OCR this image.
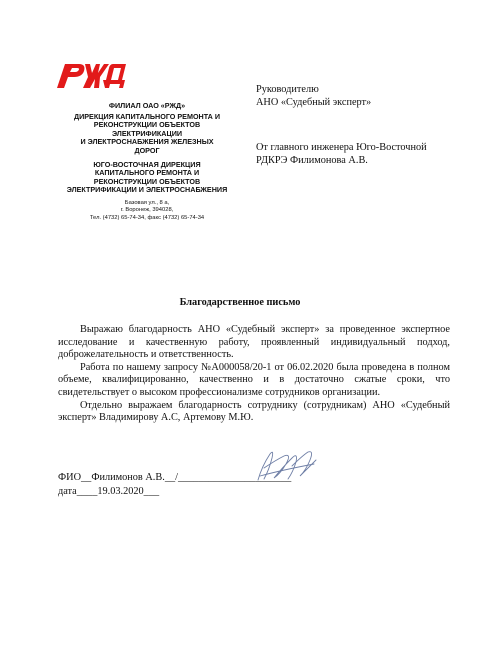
ФИЛИАЛ ОАО «РЖД»
ДИРЕКЦИЯ КАПИТАЛЬНОГО РЕМОНТА И
РЕКОНСТРУКЦИИ ОБЪЕКТОВ
ЭЛЕКТРИФИКАЦИИ
И ЭЛЕКТРОСНАБЖЕНИЯ ЖЕЛЕЗНЫХ
ДОРОГ
ЮГО-ВОСТОЧНАЯ ДИРЕКЦИЯ
КАПИТАЛЬНОГО РЕМОНТА И
РЕКОНСТРУКЦИИ ОБЪЕКТОВ
ЭЛЕКТРИФИКАЦИИ И ЭЛЕКТРОСНАБЖЕНИЯ
Базовая ул., 8 а,
г. Воронеж, 394028,
Тел. (4732) 65-74-34, факс (4732) 65-74-34
Руководителю
АНО «Судебный эксперт»
От главного инженера Юго-Восточной
РДКРЭ Филимонова А.В.
Благодарственное письмо

Выражаю благодарность АНО «Судебный эксперт» за проведенное экспертное исследование и качественную работу, проявленный индивидуальный подход, доброжелательность и ответственность.

Работа по нашему запросу №А000058/20-1 от 06.02.2020 была проведена в полном объеме, квалифицированно, качественно и в достаточно сжатые сроки, что свидетельствует о высоком профессионализме сотрудников организации.

Отдельно выражаем благодарность сотруднику (сотрудникам) АНО «Судебный эксперт» Владимирову А.С, Артемову М.Ю.

ФИО__Филимонов А.В.__/______________________
дата____19.03.2020___
